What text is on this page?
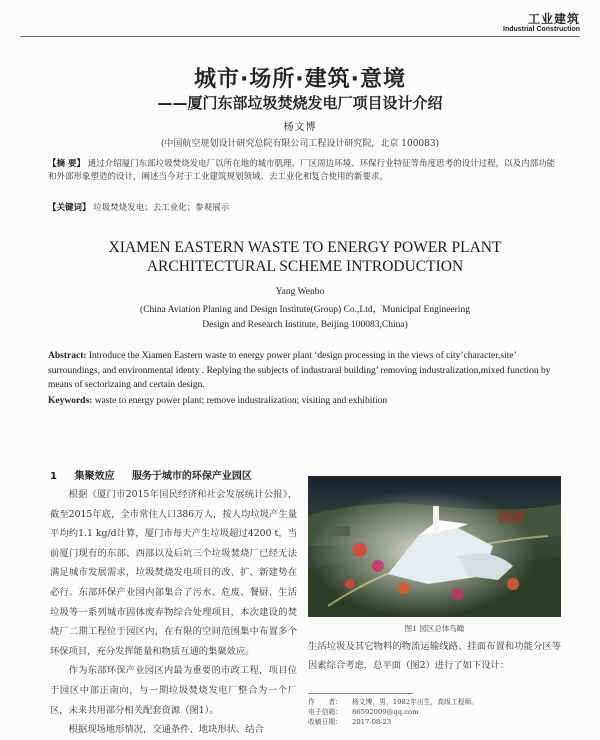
工业建筑
Industrial Construction
城市·场所·建筑·意境
——厦门东部垃圾焚烧发电厂项目设计介绍
杨文博
(中国航空规划设计研究总院有限公司工程设计研究院，北京 100083)
【摘 要】 通过介绍厦门东部垃圾焚烧发电厂以所在地的城市肌理、厂区周边环境、环保行业特征等角度思考的设计过程，以及内部功能和外部形象塑造的设计，阐述当今对于工业建筑规划领域、去工业化和复合使用的新要求。
【关键词】 垃圾焚烧发电；去工业化；参观展示
XIAMEN EASTERN WASTE TO ENERGY POWER PLANT ARCHITECTURAL SCHEME INTRODUCTION
Yang Wenbo
(China Aviation Planing and Design Institute(Group) Co.,Ltd，Municipal Engineering Design and Research Institute, Beijing 100083,China)
Abstract: Introduce the Xiamen Eastern waste to energy power plant ‘design processing in the views of city’character,site’ surroundings, and environmental identy . Replying the subjects of industraral building’ removing industralization,mixed function by means of sectorizaing and certain design.
Keywords: waste to energy power plant; remove industralization; visiting and exhibition
1 集聚效应 服务于城市的环保产业园区

根据《厦门市2015年国民经济和社会发展统计公报》，截至2015年底，全市常住人口386万人，按人均垃圾产生量平均约1.1 kg/d计算，厦门市每天产生垃圾超过4200 t，当前厦门现有的东部、西部以及后坑三个垃圾焚烧厂已经无法满足城市发展需求，垃圾焚烧发电项目的改、扩、新建势在必行。东部环保产业园内部集合了污水、危废、餐厨、生活垃圾等一系列城市固体废弃物综合处理项目，本次建设的焚烧厂二期工程位于园区内，在有限的空间范围集中布置多个环保项目，充分发挥能量和物质互通的集聚效应。

作为东部环保产业园区内最为重要的市政工程，项目位于园区中部正南向，与一期垃圾焚烧发电厂整合为一个厂区，未来共用部分相关配套资源（图1）。

根据现场地形情况，交通条件、地块形状、结合

图1 园区总体鸟瞰
生活垃圾及其它物料的物流运输线路、挂面布置和功能分区等因素综合考虑，总平面（图2）进行了如下设计：
作　　者： 杨文博，男，1982年出生，高级工程师。
电子信箱： 86592009@qq.com
收稿日期： 2017-08-23
